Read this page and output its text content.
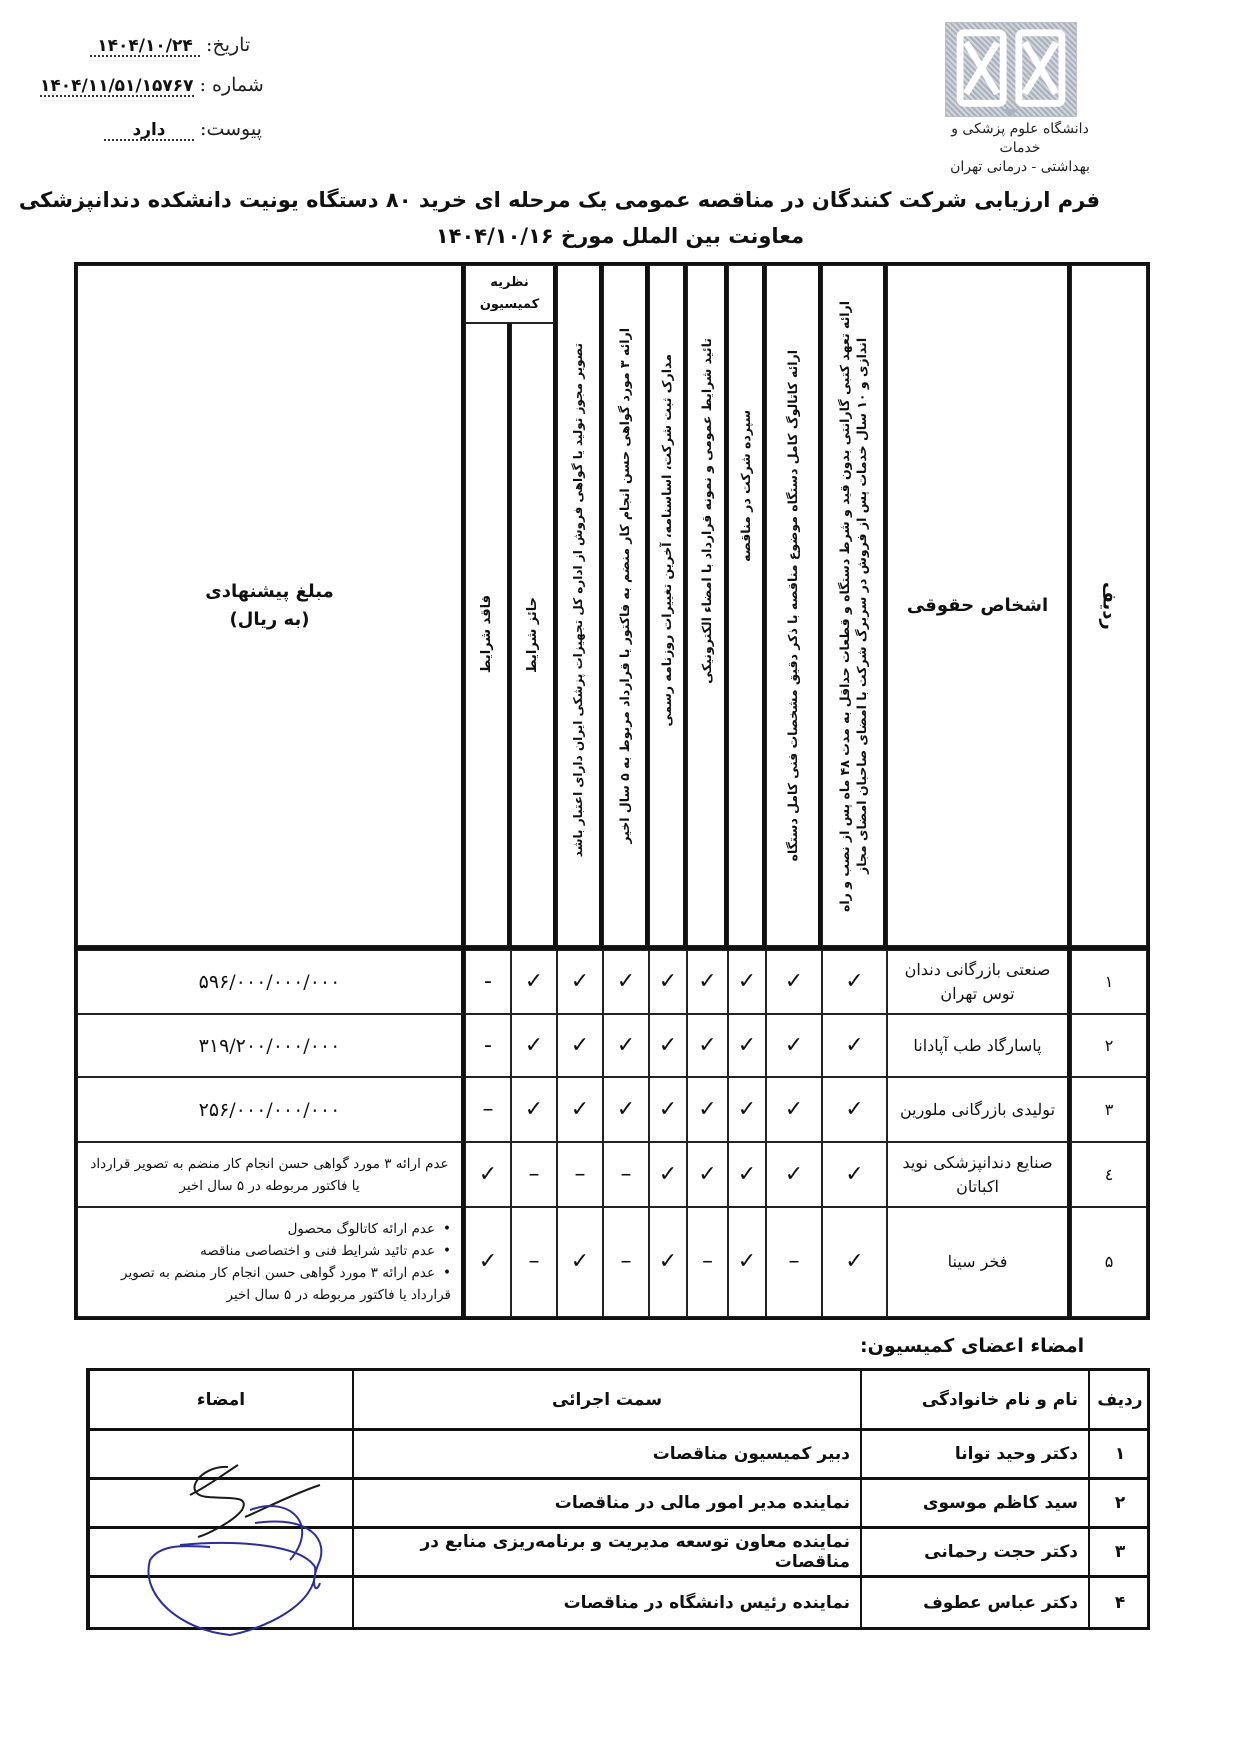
تاریخ: ۱۴۰۴/۱۰/۲۴
شماره : ۱۴۰۴/۱۱/۵۱/۱۵۷۶۷
پیوست: دارد	دانشگاه علوم پزشکی و خدمات
بهداشتی - درمانی تهران
فرم ارزیابی شرکت کنندگان در مناقصه عمومی یک مرحله ای خرید ۸۰ دستگاه یونیت دانشکده دندانپزشکی
معاونت بین الملل مورخ ۱۴۰۴/۱۰/۱۶
ردیف
اشخاص حقوقی
ارائه تعهد کتبی گارانتی بدون قید و شرط دستگاه و قطعات حداقل به مدت ۴۸ ماه پس از نصب و راه اندازی و ۱۰ سال خدمات پس از فروش در سربرگ شرکت با امضای صاحبان امضای مجاز
ارائه کاتالوگ کامل دستگاه موضوع مناقصه با ذکر دقیق مشخصات فنی کامل دستگاه
سپرده شرکت در مناقصه
تائید شرایط عمومی و نمونه قرارداد با امضاء الکترونیکی
مدارک ثبت شرکت، اساسنامه، آخرین تغییرات روزنامه رسمی
ارائه ۳ مورد گواهی حسن انجام کار منضم به فاکتور یا قرارداد مربوط به ۵ سال اخیر
تصویر مجوز تولید یا گواهی فروش از اداره کل تجهیزات پزشکی ایران دارای اعتبار باشد
نظریه کمیسیون
حائز شرایط
فاقد شرایط
مبلغ پیشنهادی
(به ریال)
۱
صنعتی بازرگانی دندان توس تهران
✓
✓
✓
✓
✓
✓
✓
✓
-
۵۹۶/۰۰۰/۰۰۰/۰۰۰
۲
پاسارگاد طب آپادانا
✓
✓
✓
✓
✓
✓
✓
✓
-
۳۱۹/۲۰۰/۰۰۰/۰۰۰
۳
تولیدی بازرگانی ملورین
✓
✓
✓
✓
✓
✓
✓
✓
–
۲۵۶/۰۰۰/۰۰۰/۰۰۰
٤
صنایع دندانپزشکی نوید اکباتان
✓
✓
✓
✓
✓
–
–
–
✓
عدم ارائه ۳ مورد گواهی حسن انجام کار منضم به تصویر قرارداد یا فاکتور مربوطه در ۵ سال اخیر
۵
فخر سینا
✓
–
✓
–
✓
–
✓
–
✓
• عدم ارائه کاتالوگ محصول
• عدم تائید شرایط فنی و اختصاصی مناقصه
• عدم ارائه ۳ مورد گواهی حسن انجام کار منضم به تصویر قرارداد یا فاکتور مربوطه در ۵ سال اخیر
امضاء اعضای کمیسیون:
ردیف
نام و نام خانوادگی
سمت اجرائی
امضاء
۱
دکتر وحید توانا
دبیر کمیسیون مناقصات
۲
سید کاظم موسوی
نماینده مدیر امور مالی در مناقصات
۳
دکتر حجت رحمانی
نماینده معاون توسعه مدیریت و برنامه‌ریزی منابع در مناقصات
۴
دکتر عباس عطوف
نماینده رئیس دانشگاه در مناقصات
